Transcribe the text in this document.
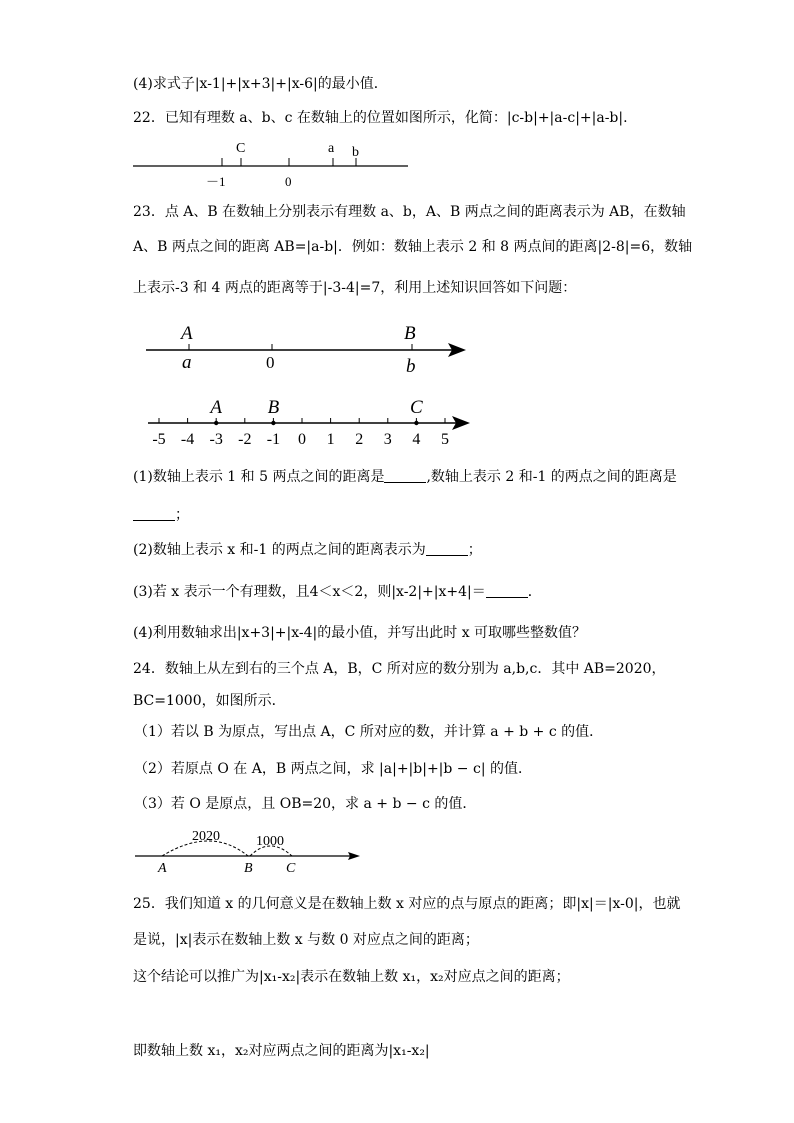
(4)求式子|x-1|+|x+3|+|x-6|的最小值．
22．已知有理数 a、b、c 在数轴上的位置如图所示，化简：|c-b|+|a-c|+|a-b|.
C	a b
－1	0
23．点 A、B 在数轴上分别表示有理数 a、b，A、B 两点之间的距离表示为 AB，在数轴
A、B 两点之间的距离 AB=|a-b|．例如：数轴上表示 2 和 8 两点间的距离|2-8|=6，数轴
上表示-3 和 4 两点的距离等于|-3-4|=7，利用上述知识回答如下问题：
A
a	0
B
b
-5 -4 -3 -2 -1 0 1 2 3 4 5
A B	C
(1)数轴上表示 1 和 5 两点之间的距离是	,数轴上表示 2 和-1 的两点之间的距离是
；
(2)数轴上表示 x 和-1 的两点之间的距离表示为	；
(3)若 x 表示一个有理数，且4＜x＜2，则|x-2|+|x+4|＝	．
(4)利用数轴求出|x+3|+|x-4|的最小值，并写出此时 x 可取哪些整数值？
24．数轴上从左到右的三个点 A，B，C 所对应的数分别为 a,b,c．其中 AB=2020，
BC=1000，如图所示．
（1）若以 B 为原点，写出点 A，C 所对应的数，并计算 a + b + c 的值．
（2）若原点 O 在 A，B 两点之间，求 |a|+|b|+|b − c| 的值．
（3）若 O 是原点，且 OB=20，求 a + b − c 的值．
2020	1000
A	B C
25．我们知道 x 的几何意义是在数轴上数 x 对应的点与原点的距离；即|x|＝|x-0|，也就
是说，|x|表示在数轴上数 x 与数 0 对应点之间的距离；
这个结论可以推广为|x₁-x₂|表示在数轴上数 x₁，x₂对应点之间的距离；
即数轴上数 x₁，x₂对应两点之间的距离为|x₁-x₂|
